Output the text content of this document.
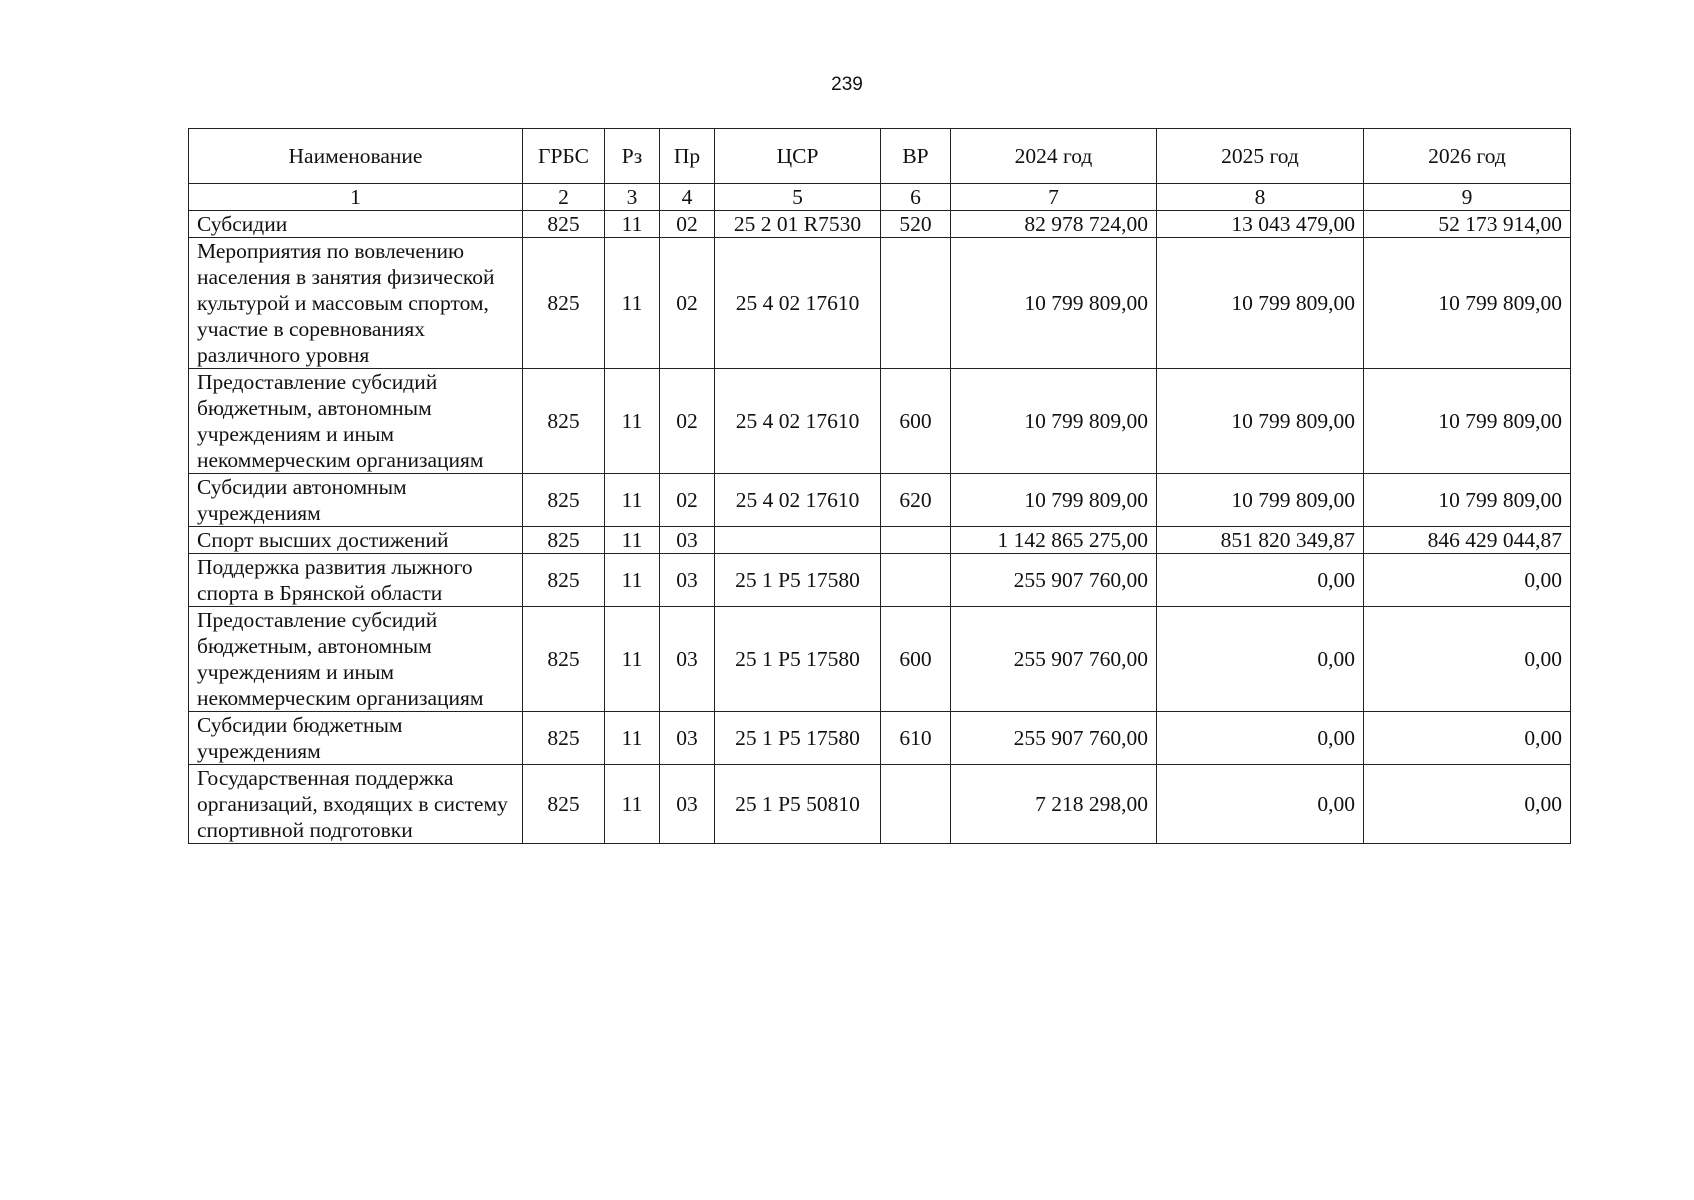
239
Наименование	ГРБС	Рз	Пр	ЦСР	ВР	2024 год	2025 год	2026 год
1	2	3	4	5	6	7	8	9
Субсидии	825	11	02	25 2 01 R7530	520	82 978 724,00	13 043 479,00	52 173 914,00
Мероприятия по вовлечению населения в занятия физической культурой и массовым спортом, участие в соревнованиях различного уровня	825	11	02	25 4 02 17610		10 799 809,00	10 799 809,00	10 799 809,00
Предоставление субсидий бюджетным, автономным учреждениям и иным некоммерческим организациям	825	11	02	25 4 02 17610	600	10 799 809,00	10 799 809,00	10 799 809,00
Субсидии автономным учреждениям	825	11	02	25 4 02 17610	620	10 799 809,00	10 799 809,00	10 799 809,00
Спорт высших достижений	825	11	03			1 142 865 275,00	851 820 349,87	846 429 044,87
Поддержка развития лыжного спорта в Брянской области	825	11	03	25 1 P5 17580		255 907 760,00	0,00	0,00
Предоставление субсидий бюджетным, автономным учреждениям и иным некоммерческим организациям	825	11	03	25 1 P5 17580	600	255 907 760,00	0,00	0,00
Субсидии бюджетным учреждениям	825	11	03	25 1 P5 17580	610	255 907 760,00	0,00	0,00
Государственная поддержка организаций, входящих в систему спортивной подготовки	825	11	03	25 1 P5 50810		7 218 298,00	0,00	0,00
